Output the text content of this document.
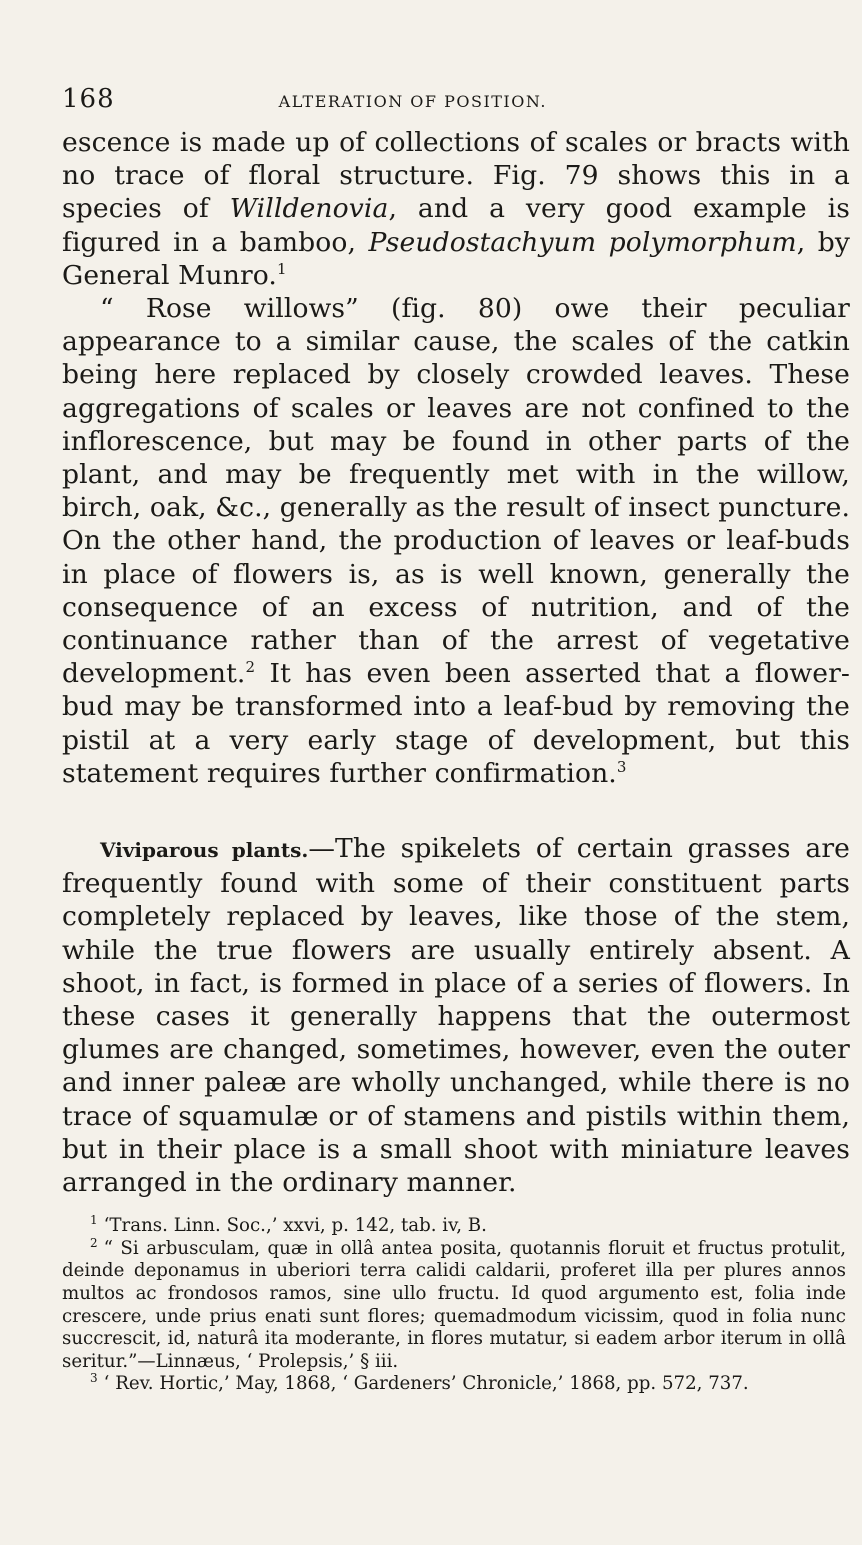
168	ALTERATION OF POSITION.

escence is made up of collections of scales or bracts with no trace of floral structure. Fig. 79 shows this in a species of Willdenovia, and a very good example is figured in a bamboo, Pseudostachyum polymorphum, by General Munro.$^1$

“ Rose willows” (fig. 80) owe their peculiar appearance to a similar cause, the scales of the catkin being here replaced by closely crowded leaves. These aggregations of scales or leaves are not confined to the inflorescence, but may be found in other parts of the plant, and may be frequently met with in the willow, birch, oak, &c., generally as the result of insect puncture. On the other hand, the production of leaves or leaf-buds in place of flowers is, as is well known, generally the consequence of an excess of nutrition, and of the continuance rather than of the arrest of vegetative development.$^2$ It has even been asserted that a flower-bud may be transformed into a leaf-bud by removing the pistil at a very early stage of development, but this statement requires further confirmation.$^3$

Viviparous plants.—The spikelets of certain grasses are frequently found with some of their constituent parts completely replaced by leaves, like those of the stem, while the true flowers are usually entirely absent. A shoot, in fact, is formed in place of a series of flowers. In these cases it generally happens that the outermost glumes are changed, sometimes, however, even the outer and inner paleæ are wholly unchanged, while there is no trace of squamulæ or of stamens and pistils within them, but in their place is a small shoot with miniature leaves arranged in the ordinary manner.

$^1$ ‘Trans. Linn. Soc.,’ xxvi, p. 142, tab. iv, B.

$^2$ “ Si arbusculam, quæ in ollâ antea posita, quotannis floruit et fructus protulit, deinde deponamus in uberiori terra calidi caldarii, proferet illa per plures annos multos ac frondosos ramos, sine ullo fructu. Id quod argumento est, folia inde crescere, unde prius enati sunt flores; quemadmodum vicissim, quod in folia nunc succrescit, id, naturâ ita moderante, in flores mutatur, si eadem arbor iterum in ollâ seritur.”—Linnæus, ‘ Prolepsis,’ § iii.

$^3$ ‘ Rev. Hortic,’ May, 1868, ‘ Gardeners’ Chronicle,’ 1868, pp. 572, 737.
